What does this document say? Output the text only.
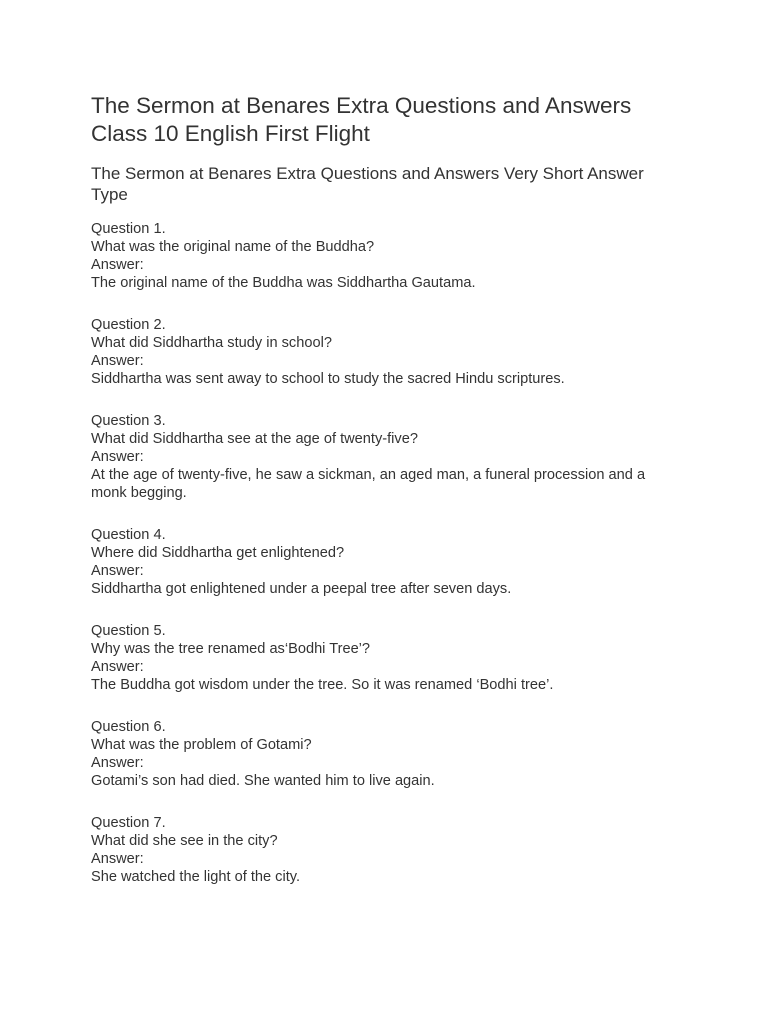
The Sermon at Benares Extra Questions and Answers Class 10 English First Flight
The Sermon at Benares Extra Questions and Answers Very Short Answer Type
Question 1.
What was the original name of the Buddha?
Answer:
The original name of the Buddha was Siddhartha Gautama.
Question 2.
What did Siddhartha study in school?
Answer:
Siddhartha was sent away to school to study the sacred Hindu scriptures.
Question 3.
What did Siddhartha see at the age of twenty-five?
Answer:
At the age of twenty-five, he saw a sickman, an aged man, a funeral procession and a monk begging.
Question 4.
Where did Siddhartha get enlightened?
Answer:
Siddhartha got enlightened under a peepal tree after seven days.
Question 5.
Why was the tree renamed as‘Bodhi Tree’?
Answer:
The Buddha got wisdom under the tree. So it was renamed ‘Bodhi tree’.
Question 6.
What was the problem of Gotami?
Answer:
Gotami’s son had died. She wanted him to live again.
Question 7.
What did she see in the city?
Answer:
She watched the light of the city.
